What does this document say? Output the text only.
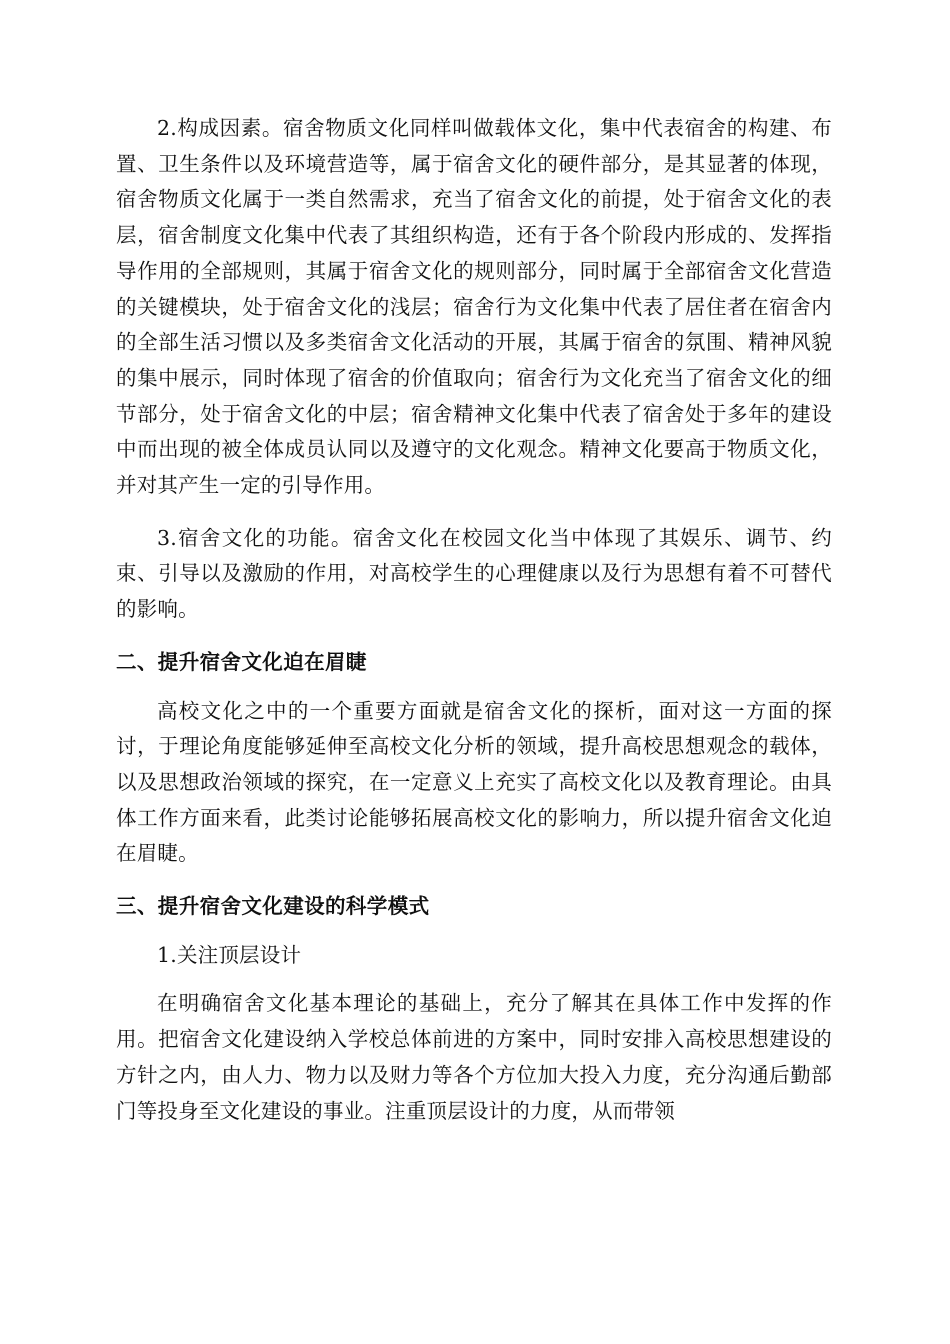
2.构成因素。宿舍物质文化同样叫做载体文化，集中代表宿舍的构建、布置、卫生条件以及环境营造等，属于宿舍文化的硬件部分，是其显著的体现，宿舍物质文化属于一类自然需求，充当了宿舍文化的前提，处于宿舍文化的表层，宿舍制度文化集中代表了其组织构造，还有于各个阶段内形成的、发挥指导作用的全部规则，其属于宿舍文化的规则部分，同时属于全部宿舍文化营造的关键模块，处于宿舍文化的浅层；宿舍行为文化集中代表了居住者在宿舍内的全部生活习惯以及多类宿舍文化活动的开展，其属于宿舍的氛围、精神风貌的集中展示，同时体现了宿舍的价值取向；宿舍行为文化充当了宿舍文化的细节部分，处于宿舍文化的中层；宿舍精神文化集中代表了宿舍处于多年的建设中而出现的被全体成员认同以及遵守的文化观念。精神文化要高于物质文化，并对其产生一定的引导作用。

3.宿舍文化的功能。宿舍文化在校园文化当中体现了其娱乐、调节、约束、引导以及激励的作用，对高校学生的心理健康以及行为思想有着不可替代的影响。

二、提升宿舍文化迫在眉睫

高校文化之中的一个重要方面就是宿舍文化的探析，面对这一方面的探讨，于理论角度能够延伸至高校文化分析的领域，提升高校思想观念的载体，以及思想政治领域的探究，在一定意义上充实了高校文化以及教育理论。由具体工作方面来看，此类讨论能够拓展高校文化的影响力，所以提升宿舍文化迫在眉睫。

三、提升宿舍文化建设的科学模式

1.关注顶层设计

在明确宿舍文化基本理论的基础上，充分了解其在具体工作中发挥的作用。把宿舍文化建设纳入学校总体前进的方案中，同时安排入高校思想建设的方针之内，由人力、物力以及财力等各个方位加大投入力度，充分沟通后勤部门等投身至文化建设的事业。注重顶层设计的力度，从而带领
